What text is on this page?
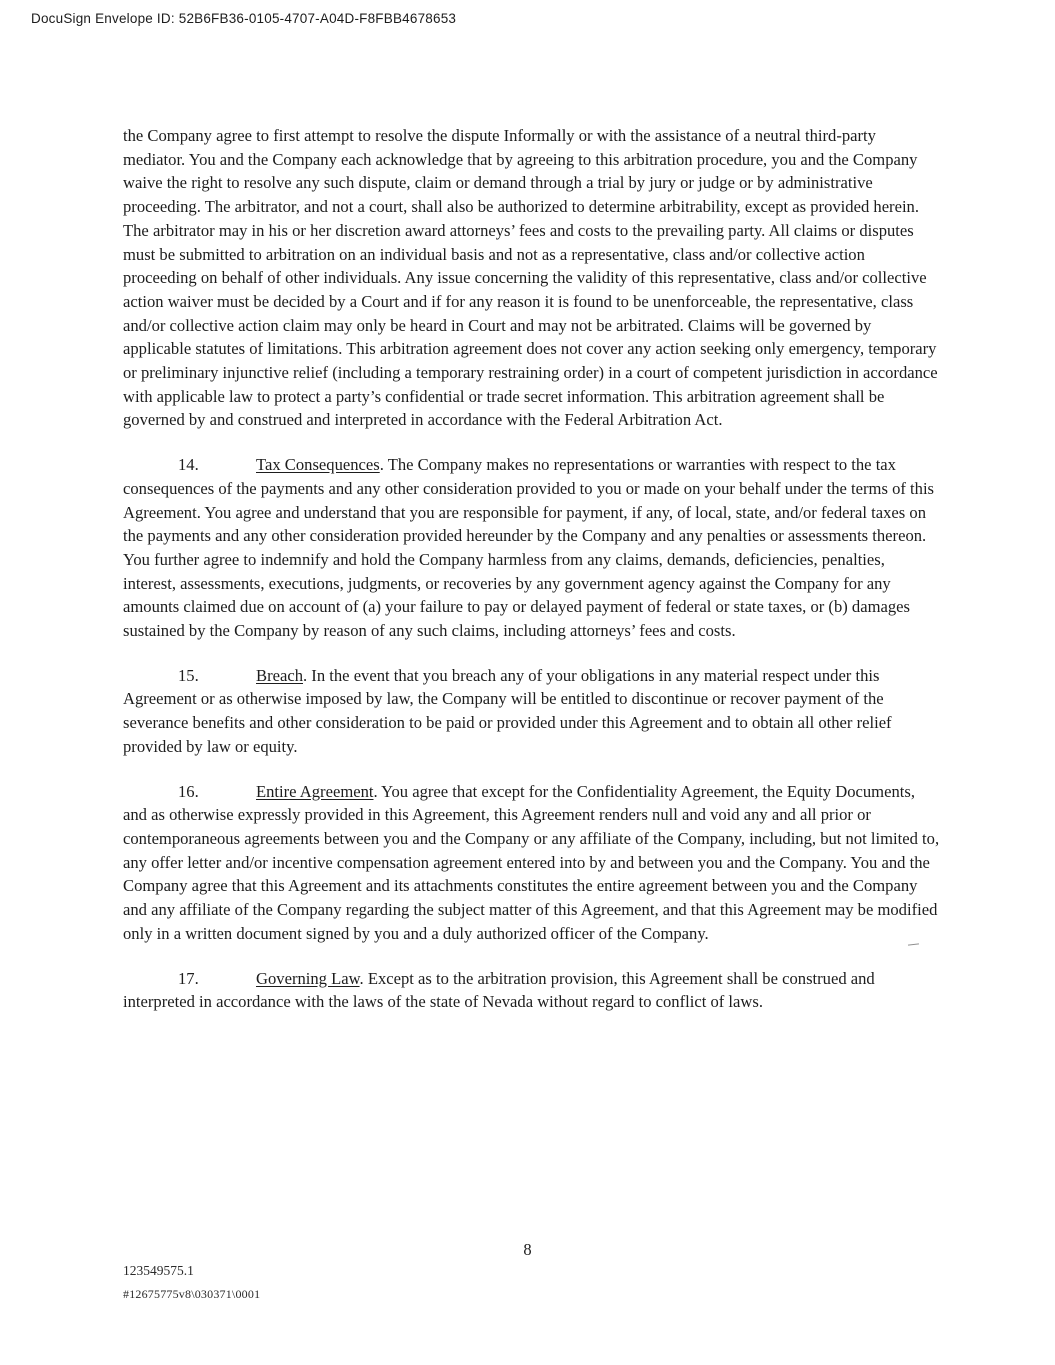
DocuSign Envelope ID: 52B6FB36-0105-4707-A04D-F8FBB4678653

the Company agree to first attempt to resolve the dispute Informally or with the assistance of a neutral third-party mediator. You and the Company each acknowledge that by agreeing to this arbitration procedure, you and the Company waive the right to resolve any such dispute, claim or demand through a trial by jury or judge or by administrative proceeding. The arbitrator, and not a court, shall also be authorized to determine arbitrability, except as provided herein. The arbitrator may in his or her discretion award attorneys’ fees and costs to the prevailing party. All claims or disputes must be submitted to arbitration on an individual basis and not as a representative, class and/or collective action proceeding on behalf of other individuals. Any issue concerning the validity of this representative, class and/or collective action waiver must be decided by a Court and if for any reason it is found to be unenforceable, the representative, class and/or collective action claim may only be heard in Court and may not be arbitrated. Claims will be governed by applicable statutes of limitations. This arbitration agreement does not cover any action seeking only emergency, temporary or preliminary injunctive relief (including a temporary restraining order) in a court of competent jurisdiction in accordance with applicable law to protect a party’s confidential or trade secret information. This arbitration agreement shall be governed by and construed and interpreted in accordance with the Federal Arbitration Act.

14.	Tax Consequences. The Company makes no representations or warranties with respect to the tax consequences of the payments and any other consideration provided to you or made on your behalf under the terms of this Agreement. You agree and understand that you are responsible for payment, if any, of local, state, and/or federal taxes on the payments and any other consideration provided hereunder by the Company and any penalties or assessments thereon. You further agree to indemnify and hold the Company harmless from any claims, demands, deficiencies, penalties, interest, assessments, executions, judgments, or recoveries by any government agency against the Company for any amounts claimed due on account of (a) your failure to pay or delayed payment of federal or state taxes, or (b) damages sustained by the Company by reason of any such claims, including attorneys’ fees and costs.

15.	Breach. In the event that you breach any of your obligations in any material respect under this Agreement or as otherwise imposed by law, the Company will be entitled to discontinue or recover payment of the severance benefits and other consideration to be paid or provided under this Agreement and to obtain all other relief provided by law or equity.

16.	Entire Agreement. You agree that except for the Confidentiality Agreement, the Equity Documents, and as otherwise expressly provided in this Agreement, this Agreement renders null and void any and all prior or contemporaneous agreements between you and the Company or any affiliate of the Company, including, but not limited to, any offer letter and/or incentive compensation agreement entered into by and between you and the Company. You and the Company agree that this Agreement and its attachments constitutes the entire agreement between you and the Company and any affiliate of the Company regarding the subject matter of this Agreement, and that this Agreement may be modified only in a written document signed by you and a duly authorized officer of the Company.

17.	Governing Law. Except as to the arbitration provision, this Agreement shall be construed and interpreted in accordance with the laws of the state of Nevada without regard to conflict of laws.

8
123549575.1
#12675775v8\030371\0001
